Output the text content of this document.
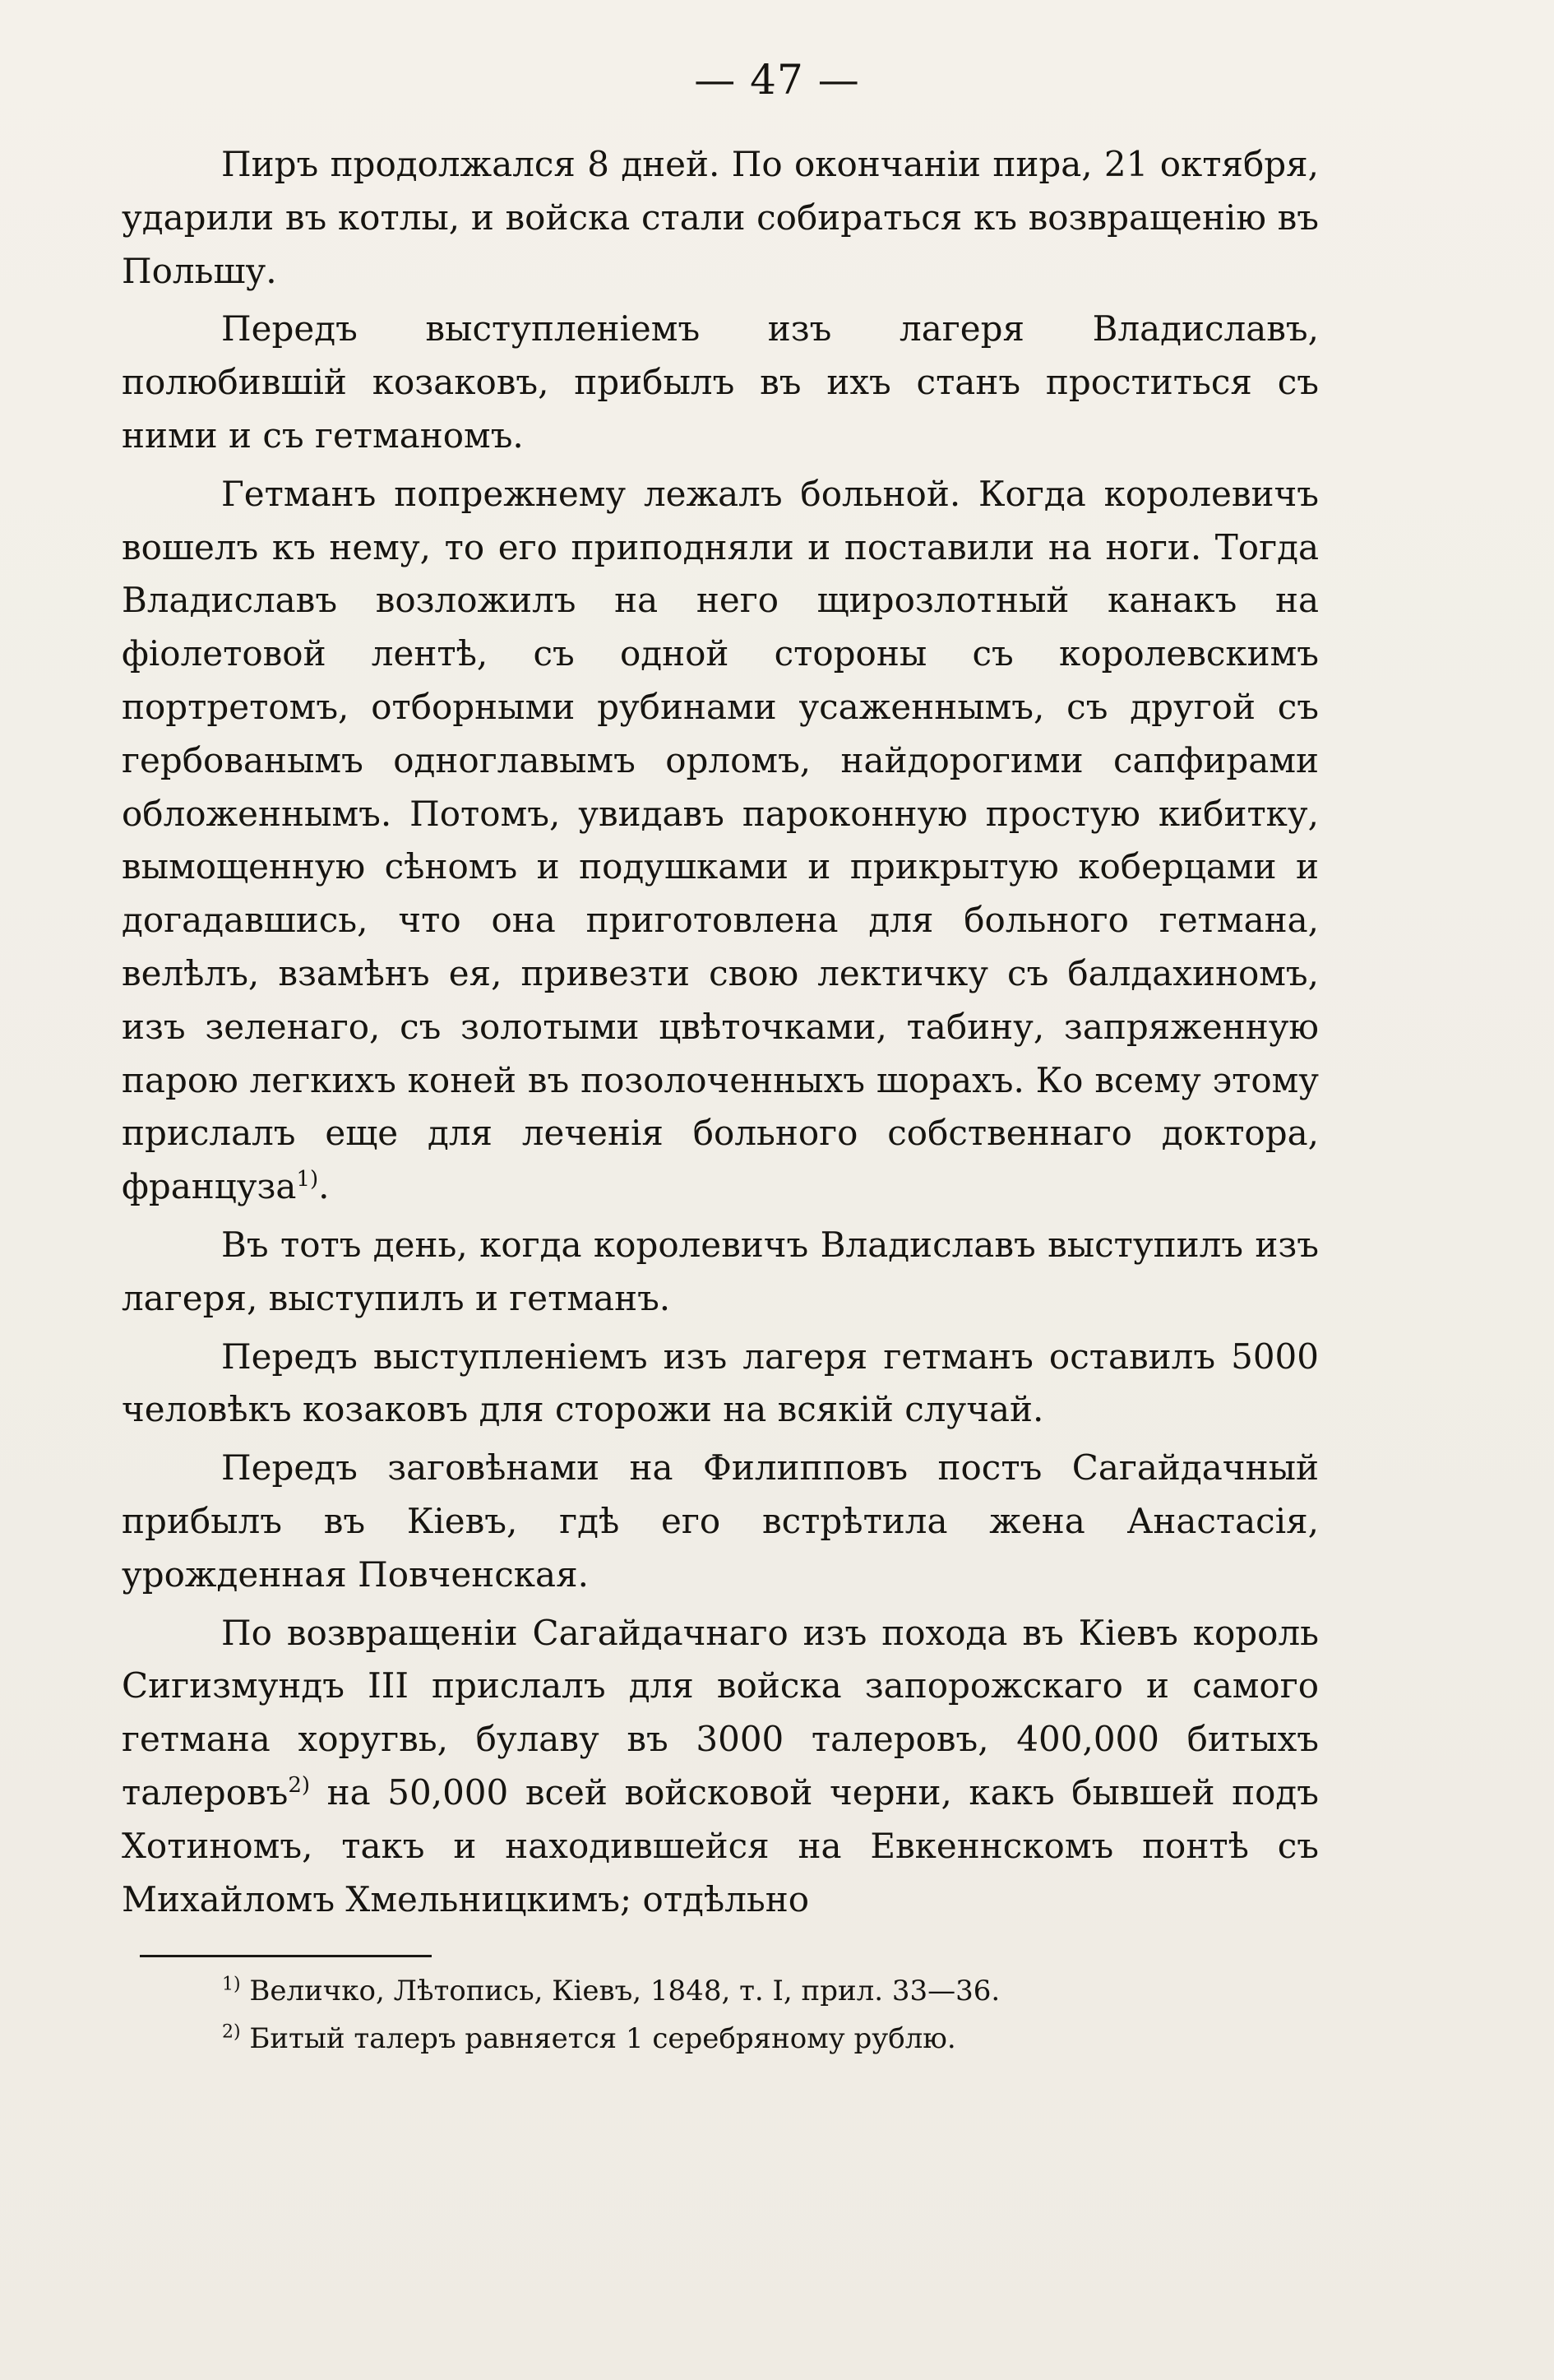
— 47 —

Пиръ продолжался 8 дней. По окончанiи пира, 21 октября, ударили въ котлы, и войска стали собираться къ возвращенiю въ Польшу.

Передъ выступленiемъ изъ лагеря Владиславъ, полюбившiй козаковъ, прибылъ въ ихъ станъ проститься съ ними и съ гетманомъ.

Гетманъ попрежнему лежалъ больной. Когда королевичъ вошелъ къ нему, то его приподняли и поставили на ноги. Тогда Владиславъ возложилъ на него щирозлотный канакъ на фiолетовой лентѣ, съ одной стороны съ королевскимъ портретомъ, отборными рубинами усаженнымъ, съ другой съ гербованымъ одноглавымъ орломъ, найдорогими сапфирами обложеннымъ. Потомъ, увидавъ пароконную простую кибитку, вымощенную сѣномъ и подушками и прикрытую коберцами и догадавшись, что она приготовлена для больного гетмана, велѣлъ, взамѣнъ ея, привезти свою лектичку съ балдахиномъ, изъ зеленаго, съ золотыми цвѣточками, табину, запряженную парою легкихъ коней въ позолоченныхъ шорахъ. Ко всему этому прислалъ еще для леченiя больного собственнаго доктора, француза$^{1)}$.

Въ тотъ день, когда королевичъ Владиславъ выступилъ изъ лагеря, выступилъ и гетманъ.

Передъ выступленiемъ изъ лагеря гетманъ оставилъ 5000 человѣкъ козаковъ для сторожи на всякiй случай.

Передъ заговѣнами на Филипповъ постъ Сагайдачный прибылъ въ Кiевъ, гдѣ его встрѣтила жена Анастасiя, урожденная Повченская.

По возвращенiи Сагайдачнаго изъ похода въ Кiевъ король Сигизмундъ III прислалъ для войска запорожскаго и самого гетмана хоругвь, булаву въ 3000 талеровъ, 400,000 битыхъ талеровъ$^{2)}$ на 50,000 всей войсковой черни, какъ бывшей подъ Хотиномъ, такъ и находившейся на Евкеннскомъ понтѣ съ Михайломъ Хмельницкимъ; отдѣльно

$^{1)}$ Величко, Лѣтопись, Кiевъ, 1848, т. I, прил. 33—36.

$^{2)}$ Битый талеръ равняется 1 серебряному рублю.
